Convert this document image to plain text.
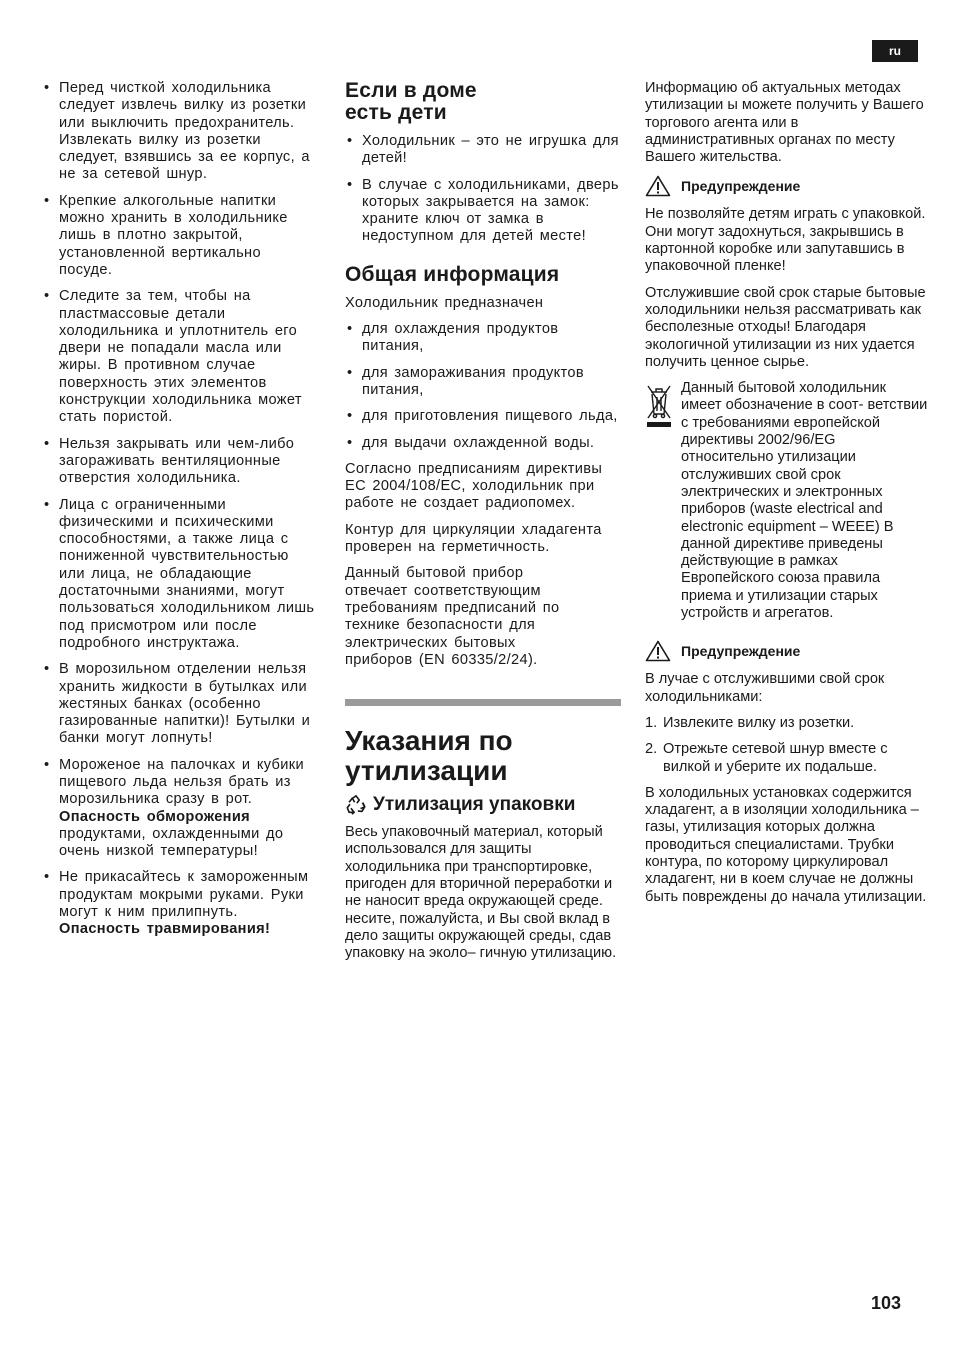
ru
• Перед чисткой холодильника следует извлечь вилку из розетки или выключить предохранитель. Извлекать вилку из розетки следует, взявшись за ее корпус, а не за сетевой шнур.
• Крепкие алкогольные напитки можно хранить в холодильнике лишь в плотно закрытой, установленной вертикально посуде.
• Следите за тем, чтобы на пластмассовые детали холодильника и уплотнитель его двери не попадали масла или жиры. В противном случае поверхность этих элементов конструкции холодильника может стать пористой.
• Нельзя закрывать или чем-либо загораживать вентиляционные отверстия холодильника.
• Лица с ограниченными физическими и психическими способностями, а также лица с пониженной чувствительностью или лица, не обладающие достаточными знаниями, могут пользоваться холодильником лишь под присмотром или после подробного инструктажа.
• В морозильном отделении нельзя хранить жидкости в бутылках или жестяных банках (особенно газированные напитки)! Бутылки и банки могут лопнуть!
• Мороженое на палочках и кубики пищевого льда нельзя брать из морозильника сразу в рот. Опасность обморожения продуктами, охлажденными до очень низкой температуры!
• Не прикасайтесь к замороженным продуктам мокрыми руками. Руки могут к ним прилипнуть. Опасность травмирования!
Если в доме есть дети
• Холодильник – это не игрушка для детей!
• В случае с холодильниками, дверь которых закрывается на замок: храните ключ от замка в недоступном для детей месте!
Общая информация

Холодильник предназначен

• для охлаждения продуктов питания,
• для замораживания продуктов питания,
• для приготовления пищевого льда,
• для выдачи охлажденной воды.

Согласно предписаниям директивы EC 2004/108/EC, холодильник при работе не создает радиопомех.

Контур для циркуляции хладагента проверен на герметичность.

Данный бытовой прибор отвечает соответствующим требованиям предписаний по технике безопасности для электрических бытовых приборов (EN 60335/2/24).

Указания по утилизации
Утилизация упаковки

Весь упаковочный материал, который использовался для защиты холодильника при транспортировке, пригоден для вторичной переработки и не наносит вреда окружающей среде. несите, пожалуйста, и Вы свой вклад в дело защиты окружающей среды, сдав упаковку на эколо– гичную утилизацию.

Информацию об актуальных методах утилизации ы можете получить у Вашего торгового агента или в административных органах по месту Вашего жительства.

Предупреждение

Не позволяйте детям играть с упаковкой. Они могут задохнуться, закрывшись в картонной коробке или запутавшись в упаковочной пленке!

Отслужившие свой срок старые бытовые холодильники нельзя рассматривать как бесполезные отходы! Благодаря экологичной утилизации из них удается получить ценное сырье.

Данный бытовой холодильник имеет обозначение в соот- ветствии с требованиями европейской директивы 2002/96/EG относительно утилизации отслуживших свой срок электрических и электронных приборов (waste electrical and electronic equipment – WEEE) В данной директиве приведены действующие в рамках Европейского союза правила приема и утилизации старых устройств и агрегатов.

Предупреждение

В лучае с отслужившими свой срок холодильниками:

1. Извлеките вилку из розетки.
2. Отрежьте сетевой шнур вместе с вилкой и уберите их подальше.

В холодильных установках содержится хладагент, а в изоляции холодильника – газы, утилизация которых должна проводиться специалистами. Трубки контура, по которому циркулировал хладагент, ни в коем случае не должны быть повреждены до начала утилизации.

103
